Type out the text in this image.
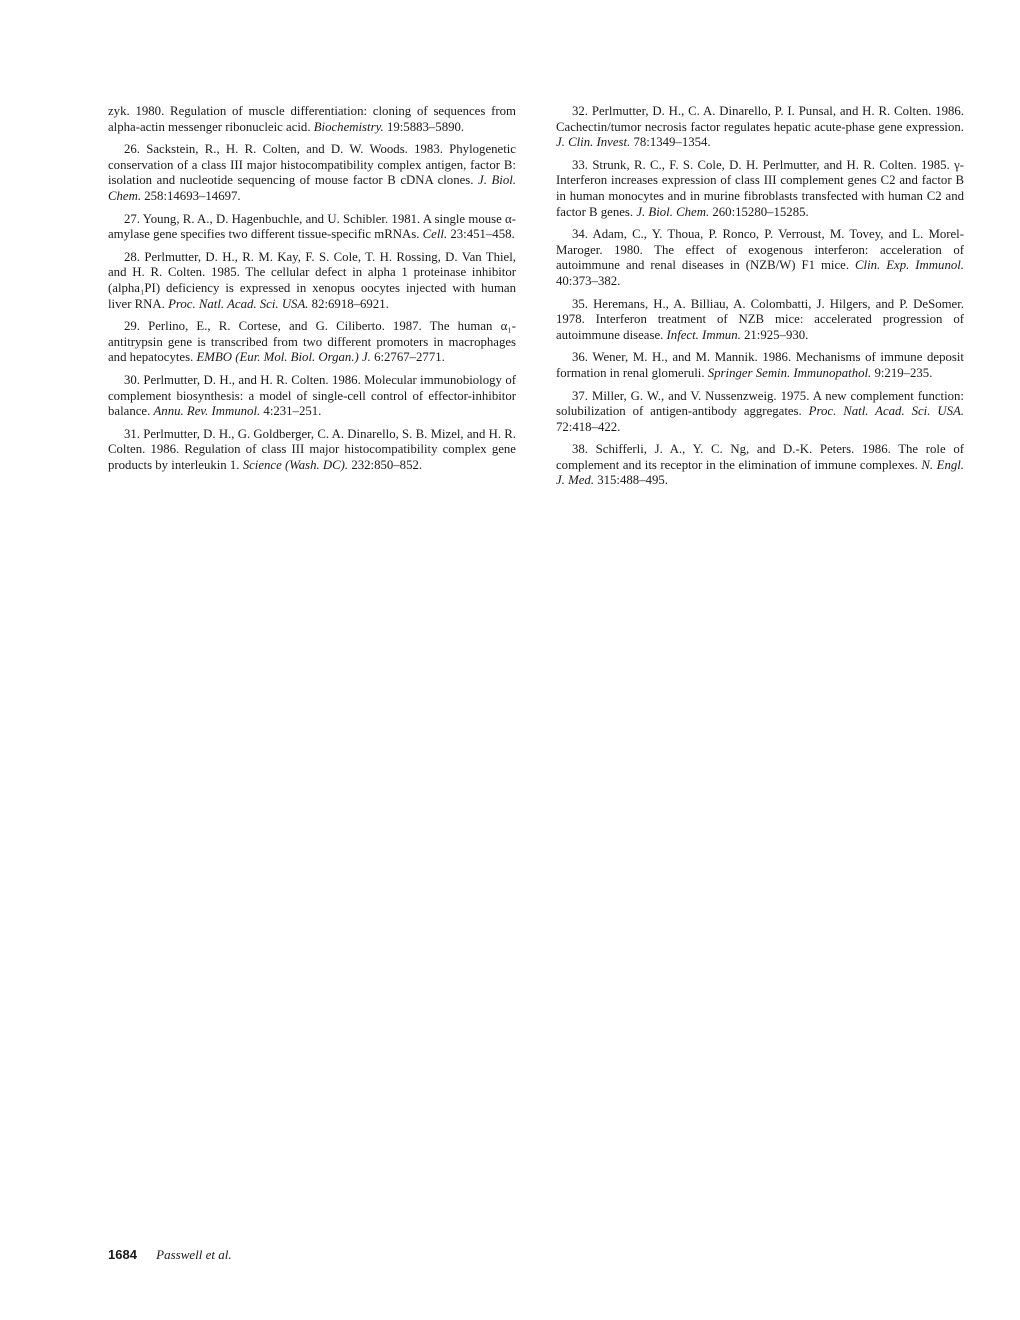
zyk. 1980. Regulation of muscle differentiation: cloning of sequences from alpha-actin messenger ribonucleic acid. Biochemistry. 19:5883–5890.

26. Sackstein, R., H. R. Colten, and D. W. Woods. 1983. Phylogenetic conservation of a class III major histocompatibility complex antigen, factor B: isolation and nucleotide sequencing of mouse factor B cDNA clones. J. Biol. Chem. 258:14693–14697.

27. Young, R. A., D. Hagenbuchle, and U. Schibler. 1981. A single mouse α-amylase gene specifies two different tissue-specific mRNAs. Cell. 23:451–458.

28. Perlmutter, D. H., R. M. Kay, F. S. Cole, T. H. Rossing, D. Van Thiel, and H. R. Colten. 1985. The cellular defect in alpha 1 proteinase inhibitor (alpha₁PI) deficiency is expressed in xenopus oocytes injected with human liver RNA. Proc. Natl. Acad. Sci. USA. 82:6918–6921.

29. Perlino, E., R. Cortese, and G. Ciliberto. 1987. The human α₁-antitrypsin gene is transcribed from two different promoters in macrophages and hepatocytes. EMBO (Eur. Mol. Biol. Organ.) J. 6:2767–2771.

30. Perlmutter, D. H., and H. R. Colten. 1986. Molecular immunobiology of complement biosynthesis: a model of single-cell control of effector-inhibitor balance. Annu. Rev. Immunol. 4:231–251.

31. Perlmutter, D. H., G. Goldberger, C. A. Dinarello, S. B. Mizel, and H. R. Colten. 1986. Regulation of class III major histocompatibility complex gene products by interleukin 1. Science (Wash. DC). 232:850–852.

32. Perlmutter, D. H., C. A. Dinarello, P. I. Punsal, and H. R. Colten. 1986. Cachectin/tumor necrosis factor regulates hepatic acute-phase gene expression. J. Clin. Invest. 78:1349–1354.

33. Strunk, R. C., F. S. Cole, D. H. Perlmutter, and H. R. Colten. 1985. γ-Interferon increases expression of class III complement genes C2 and factor B in human monocytes and in murine fibroblasts transfected with human C2 and factor B genes. J. Biol. Chem. 260:15280–15285.

34. Adam, C., Y. Thoua, P. Ronco, P. Verroust, M. Tovey, and L. Morel-Maroger. 1980. The effect of exogenous interferon: acceleration of autoimmune and renal diseases in (NZB/W) F1 mice. Clin. Exp. Immunol. 40:373–382.

35. Heremans, H., A. Billiau, A. Colombatti, J. Hilgers, and P. DeSomer. 1978. Interferon treatment of NZB mice: accelerated progression of autoimmune disease. Infect. Immun. 21:925–930.

36. Wener, M. H., and M. Mannik. 1986. Mechanisms of immune deposit formation in renal glomeruli. Springer Semin. Immunopathol. 9:219–235.

37. Miller, G. W., and V. Nussenzweig. 1975. A new complement function: solubilization of antigen-antibody aggregates. Proc. Natl. Acad. Sci. USA. 72:418–422.

38. Schifferli, J. A., Y. C. Ng, and D.-K. Peters. 1986. The role of complement and its receptor in the elimination of immune complexes. N. Engl. J. Med. 315:488–495.

1684 Passwell et al.
